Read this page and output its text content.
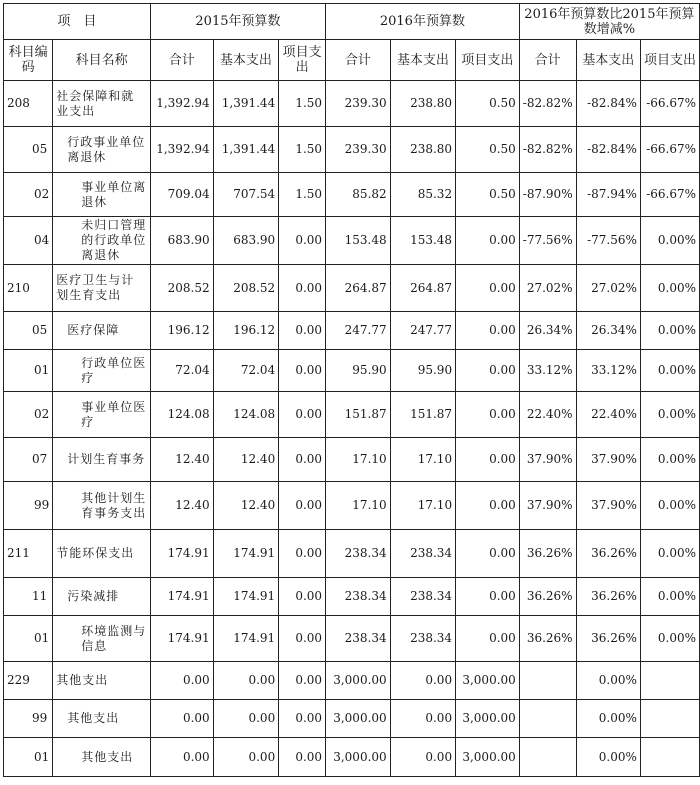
项　目		2015年预算数			2016年预算数			2016年预算数比2015年预算数增减%		
科目编码	科目名称	合计	基本支出	项目支出	合计	基本支出	项目支出	合计	基本支出	项目支出
208	社会保障和就业支出	1,392.94	1,391.44	1.50	239.30	238.80	0.50	-82.82%	-82.84%	-66.67%
05	行政事业单位离退休	1,392.94	1,391.44	1.50	239.30	238.80	0.50	-82.82%	-82.84%	-66.67%
02	事业单位离退休	709.04	707.54	1.50	85.82	85.32	0.50	-87.90%	-87.94%	-66.67%
04	未归口管理的行政单位离退休	683.90	683.90	0.00	153.48	153.48	0.00	-77.56%	-77.56%	0.00%
210	医疗卫生与计划生育支出	208.52	208.52	0.00	264.87	264.87	0.00	27.02%	27.02%	0.00%
05	医疗保障	196.12	196.12	0.00	247.77	247.77	0.00	26.34%	26.34%	0.00%
01	行政单位医疗	72.04	72.04	0.00	95.90	95.90	0.00	33.12%	33.12%	0.00%
02	事业单位医疗	124.08	124.08	0.00	151.87	151.87	0.00	22.40%	22.40%	0.00%
07	计划生育事务	12.40	12.40	0.00	17.10	17.10	0.00	37.90%	37.90%	0.00%
99	其他计划生育事务支出	12.40	12.40	0.00	17.10	17.10	0.00	37.90%	37.90%	0.00%
211	节能环保支出	174.91	174.91	0.00	238.34	238.34	0.00	36.26%	36.26%	0.00%
11	污染减排	174.91	174.91	0.00	238.34	238.34	0.00	36.26%	36.26%	0.00%
01	环境监测与信息	174.91	174.91	0.00	238.34	238.34	0.00	36.26%	36.26%	0.00%
229	其他支出	0.00	0.00	0.00	3,000.00	0.00	3,000.00		0.00%	
99	其他支出	0.00	0.00	0.00	3,000.00	0.00	3,000.00		0.00%	
01	其他支出	0.00	0.00	0.00	3,000.00	0.00	3,000.00		0.00%	
